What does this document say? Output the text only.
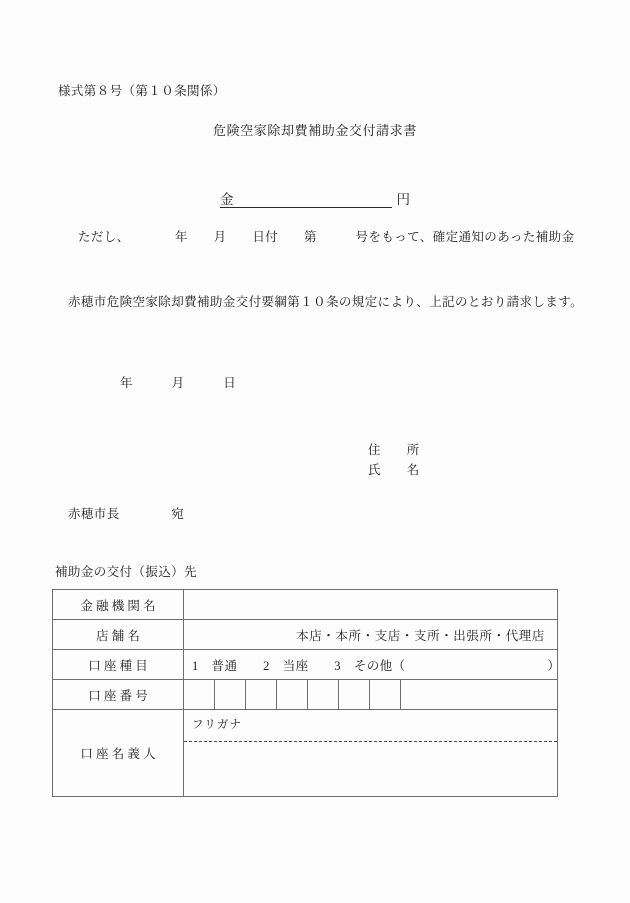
様式第８号（第１０条関係）
危険空家除却費補助金交付請求書
金	円
ただし、　　　　年　　月　　日付　　第　　　号をもって、確定通知のあった補助金
赤穂市危険空家除却費補助金交付要綱第１０条の規定により、上記のとおり請求します。
年　　　月　　　日
住　　所
氏　　名
赤穂市長　　　　宛
補助金の交付（振込）先
金融機関名	

店舗名	本店・本所・支店・支所・出張所・代理店

口座種目	1　普通　　2　当座　　3　その他（　　　　　　　　　　　）

口座番号	

口座名義人	フリガナ
